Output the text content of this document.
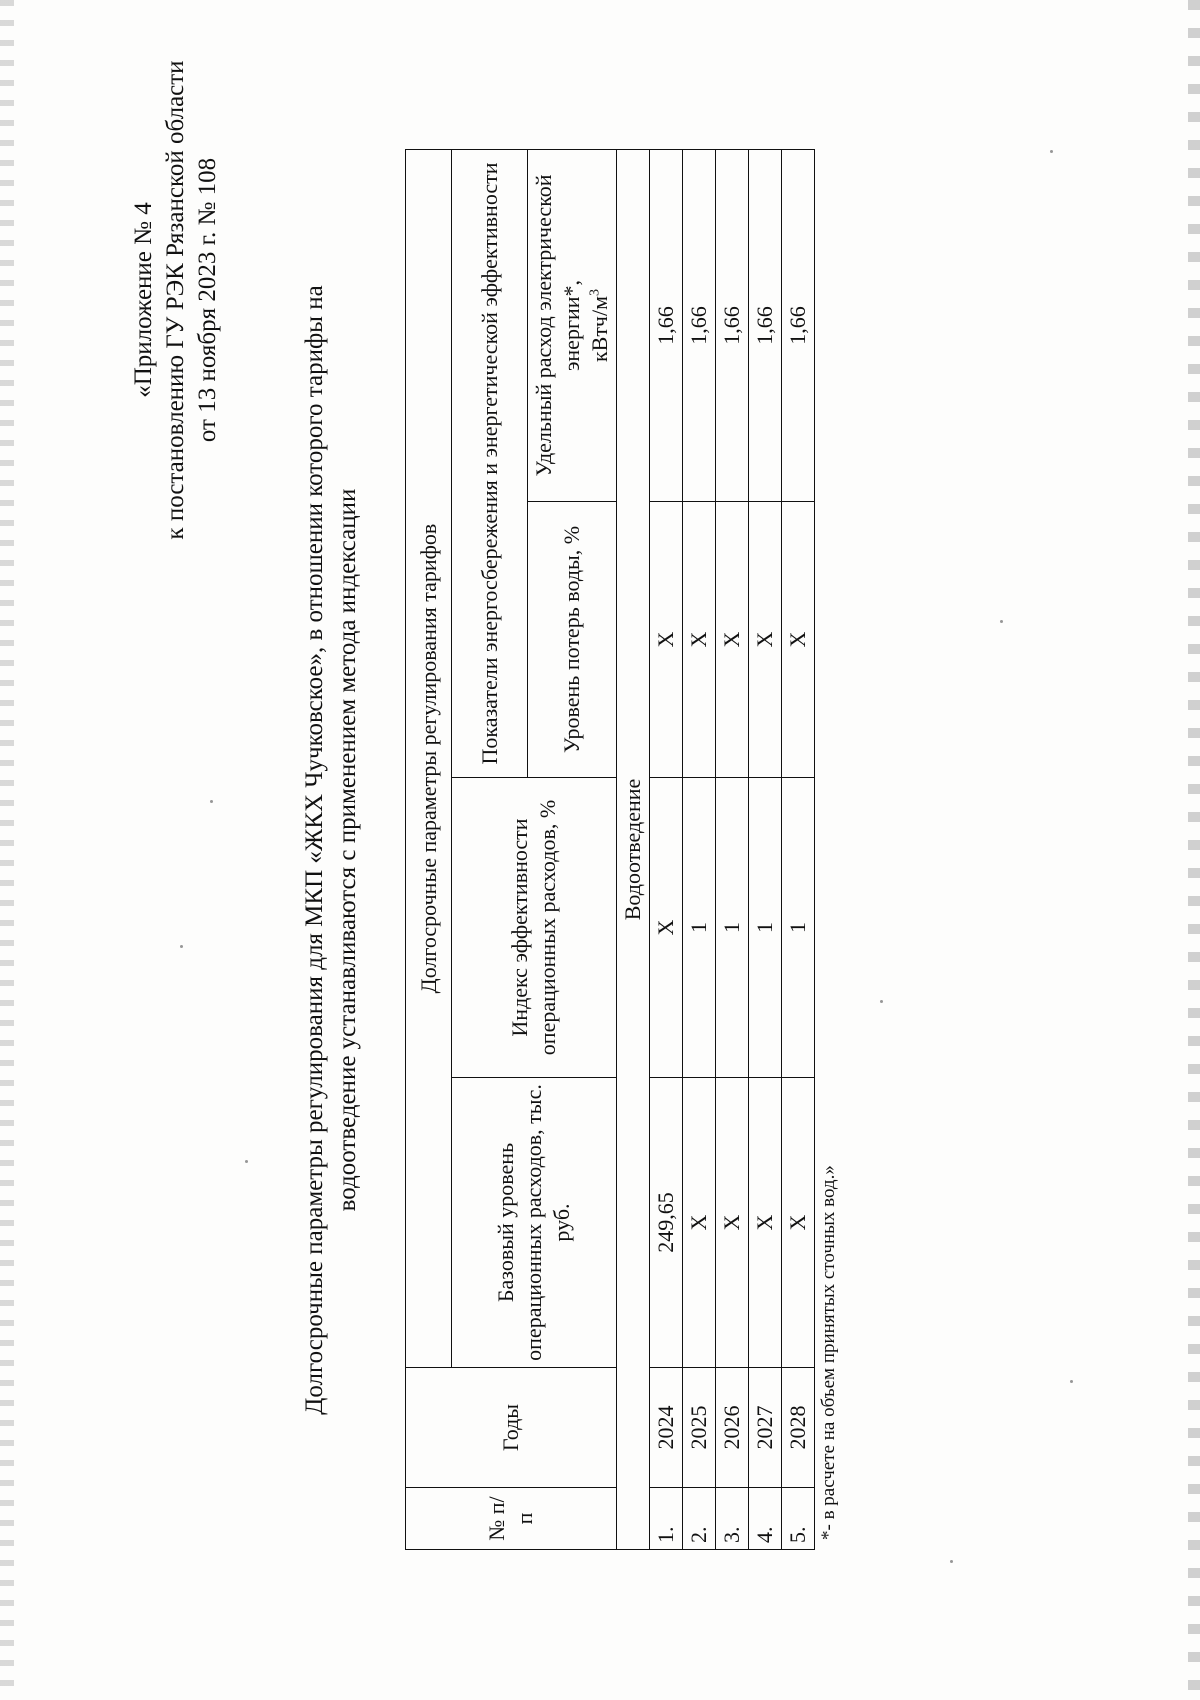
«Приложение № 4 к постановлению ГУ РЭК Рязанской области от 13 ноября 2023 г. № 108	Долгосрочные параметры регулирования для МКП «ЖКХ Чучковское», в отношении которого тарифы на водоотведение устанавливаются с применением метода индексации
№ п/п	Годы	Долгосрочные параметры регулирования тарифов			
		Базовый уровень операционных расходов, тыс. руб.	Индекс эффективности операционных расходов, %	Показатели энергосбережения и энергетической эффективности	
				Уровень потерь воды, %	Удельный расход электрической энергии*, кВтч/$м^3$
Водоотведение					
1.	2024	249,65	X	X	1,66
2.	2025	X	1	X	1,66
3.	2026	X	1	X	1,66
4.	2027	X	1	X	1,66
5.	2028	X	1	X	1,66
*- в расчете на объем принятых сточных вод.»
